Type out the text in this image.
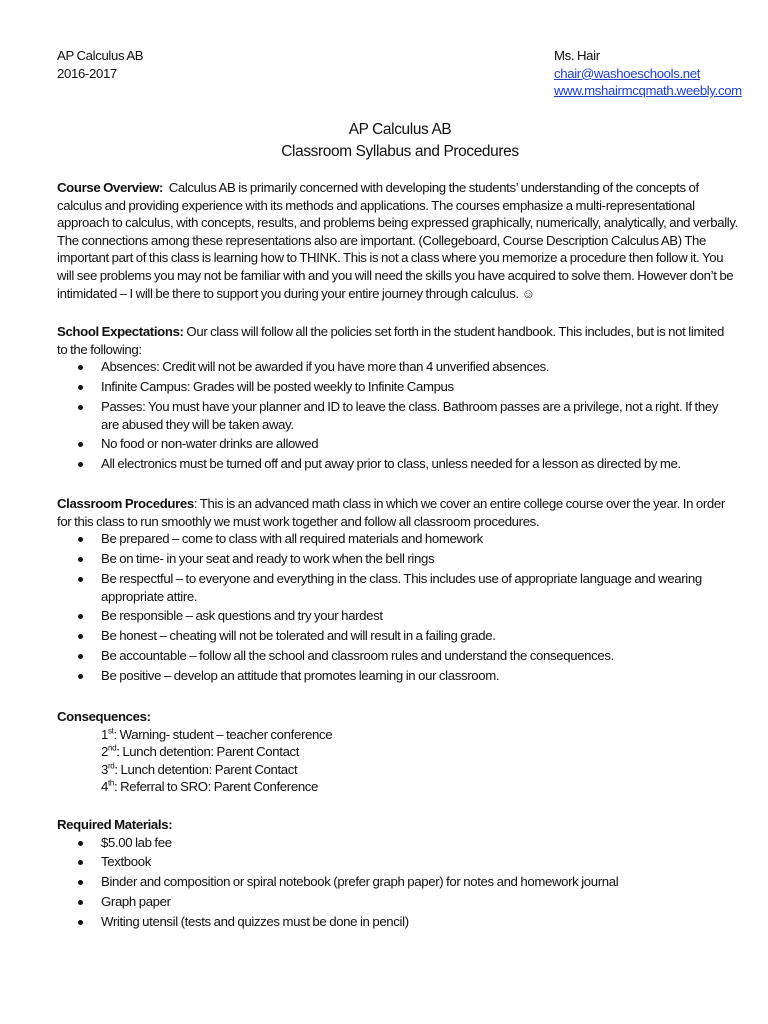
AP Calculus AB
2016-2017
Ms. Hair
chair@washoeschools.net
www.mshairmcqmath.weebly.com
AP Calculus AB
Classroom Syllabus and Procedures
Course Overview: Calculus AB is primarily concerned with developing the students’ understanding of the concepts of
calculus and providing experience with its methods and applications. The courses emphasize a multi-representational
approach to calculus, with concepts, results, and problems being expressed graphically, numerically, analytically, and verbally.
The connections among these representations also are important. (Collegeboard, Course Description Calculus AB) The
important part of this class is learning how to THINK. This is not a class where you memorize a procedure then follow it. You
will see problems you may not be familiar with and you will need the skills you have acquired to solve them. However don’t be
intimidated – I will be there to support you during your entire journey through calculus. ☺
School Expectations: Our class will follow all the policies set forth in the student handbook. This includes, but is not limited
to the following:
Absences: Credit will not be awarded if you have more than 4 unverified absences.
Infinite Campus: Grades will be posted weekly to Infinite Campus
Passes: You must have your planner and ID to leave the class. Bathroom passes are a privilege, not a right. If they
are abused they will be taken away.
No food or non-water drinks are allowed
All electronics must be turned off and put away prior to class, unless needed for a lesson as directed by me.
Classroom Procedures: This is an advanced math class in which we cover an entire college course over the year. In order
for this class to run smoothly we must work together and follow all classroom procedures.
Be prepared – come to class with all required materials and homework
Be on time- in your seat and ready to work when the bell rings
Be respectful – to everyone and everything in the class. This includes use of appropriate language and wearing
appropriate attire.
Be responsible – ask questions and try your hardest
Be honest – cheating will not be tolerated and will result in a failing grade.
Be accountable – follow all the school and classroom rules and understand the consequences.
Be positive – develop an attitude that promotes learning in our classroom.
Consequences:
1st: Warning- student – teacher conference
2nd: Lunch detention: Parent Contact
3rd: Lunch detention: Parent Contact
4th: Referral to SRO: Parent Conference
Required Materials:
$5.00 lab fee
Textbook
Binder and composition or spiral notebook (prefer graph paper) for notes and homework journal
Graph paper
Writing utensil (tests and quizzes must be done in pencil)
